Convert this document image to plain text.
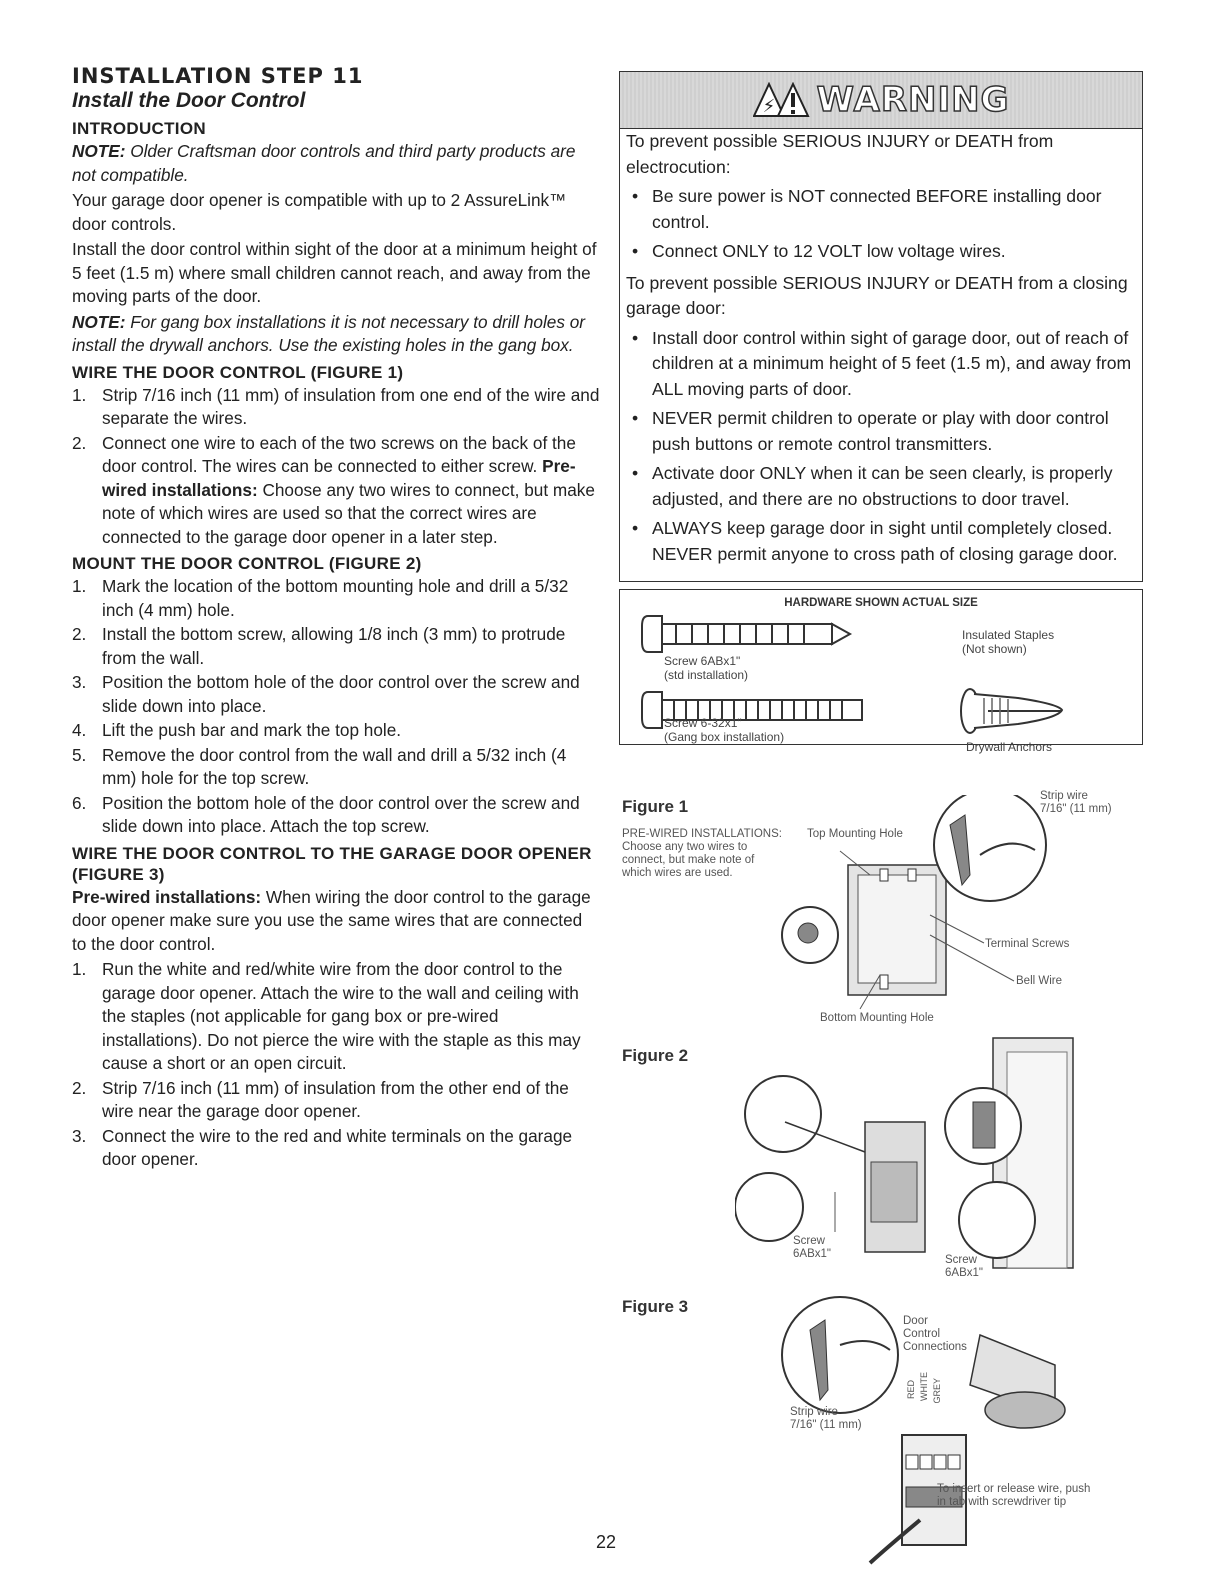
INSTALLATION STEP 11
Install the Door Control
INTRODUCTION

NOTE: Older Craftsman door controls and third party products are not compatible.

Your garage door opener is compatible with up to 2 AssureLink™ door controls.

Install the door control within sight of the door at a minimum height of 5 feet (1.5 m) where small children cannot reach, and away from the moving parts of the door.

NOTE: For gang box installations it is not necessary to drill holes or install the drywall anchors. Use the existing holes in the gang box.

WIRE THE DOOR CONTROL (FIGURE 1)
1. Strip 7/16 inch (11 mm) of insulation from one end of the wire and separate the wires.
2. Connect one wire to each of the two screws on the back of the door control. The wires can be connected to either screw. Pre-wired installations: Choose any two wires to connect, but make note of which wires are used so that the correct wires are connected to the garage door opener in a later step.
MOUNT THE DOOR CONTROL (FIGURE 2)
1. Mark the location of the bottom mounting hole and drill a 5/32 inch (4 mm) hole.
2. Install the bottom screw, allowing 1/8 inch (3 mm) to protrude from the wall.
3. Position the bottom hole of the door control over the screw and slide down into place.
4. Lift the push bar and mark the top hole.
5. Remove the door control from the wall and drill a 5/32 inch (4 mm) hole for the top screw.
6. Position the bottom hole of the door control over the screw and slide down into place. Attach the top screw.
WIRE THE DOOR CONTROL TO THE GARAGE DOOR OPENER (FIGURE 3)

Pre-wired installations: When wiring the door control to the garage door opener make sure you use the same wires that are connected to the door control.

1. Run the white and red/white wire from the door control to the garage door opener. Attach the wire to the wall and ceiling with the staples (not applicable for gang box or pre-wired installations). Do not pierce the wire with the staple as this may cause a short or an open circuit.
2. Strip 7/16 inch (11 mm) of insulation from the other end of the wire near the garage door opener.
3. Connect the wire to the red and white terminals on the garage door opener.
⚡ WARNING

To prevent possible SERIOUS INJURY or DEATH from electrocution:

• Be sure power is NOT connected BEFORE installing door control.
• Connect ONLY to 12 VOLT low voltage wires.

To prevent possible SERIOUS INJURY or DEATH from a closing garage door:

• Install door control within sight of garage door, out of reach of children at a minimum height of 5 feet (1.5 m), and away from ALL moving parts of door.
• NEVER permit children to operate or play with door control push buttons or remote control transmitters.
• Activate door ONLY when it can be seen clearly, is properly adjusted, and there are no obstructions to door travel.
• ALWAYS keep garage door in sight until completely closed. NEVER permit anyone to cross path of closing garage door.
HARDWARE SHOWN ACTUAL SIZE
Screw 6ABx1"
(std installation)
Screw 6-32x1"
(Gang box installation)
Insulated Staples
(Not shown)
Drywall Anchors
Figure 1
PRE-WIRED INSTALLATIONS:
Choose any two wires to
connect, but make note of
which wires are used.
Top Mounting Hole
Strip wire
7/16" (11 mm)
Terminal Screws
Bell Wire
Bottom Mounting Hole
Figure 2
Screw
6ABx1"	Screw
6ABx1"
Figure 3
Door
Control
Connections
Strip wire
7/16" (11 mm)
RED WHITE GREY
To insert or release wire, push
in tab with screwdriver tip
22
